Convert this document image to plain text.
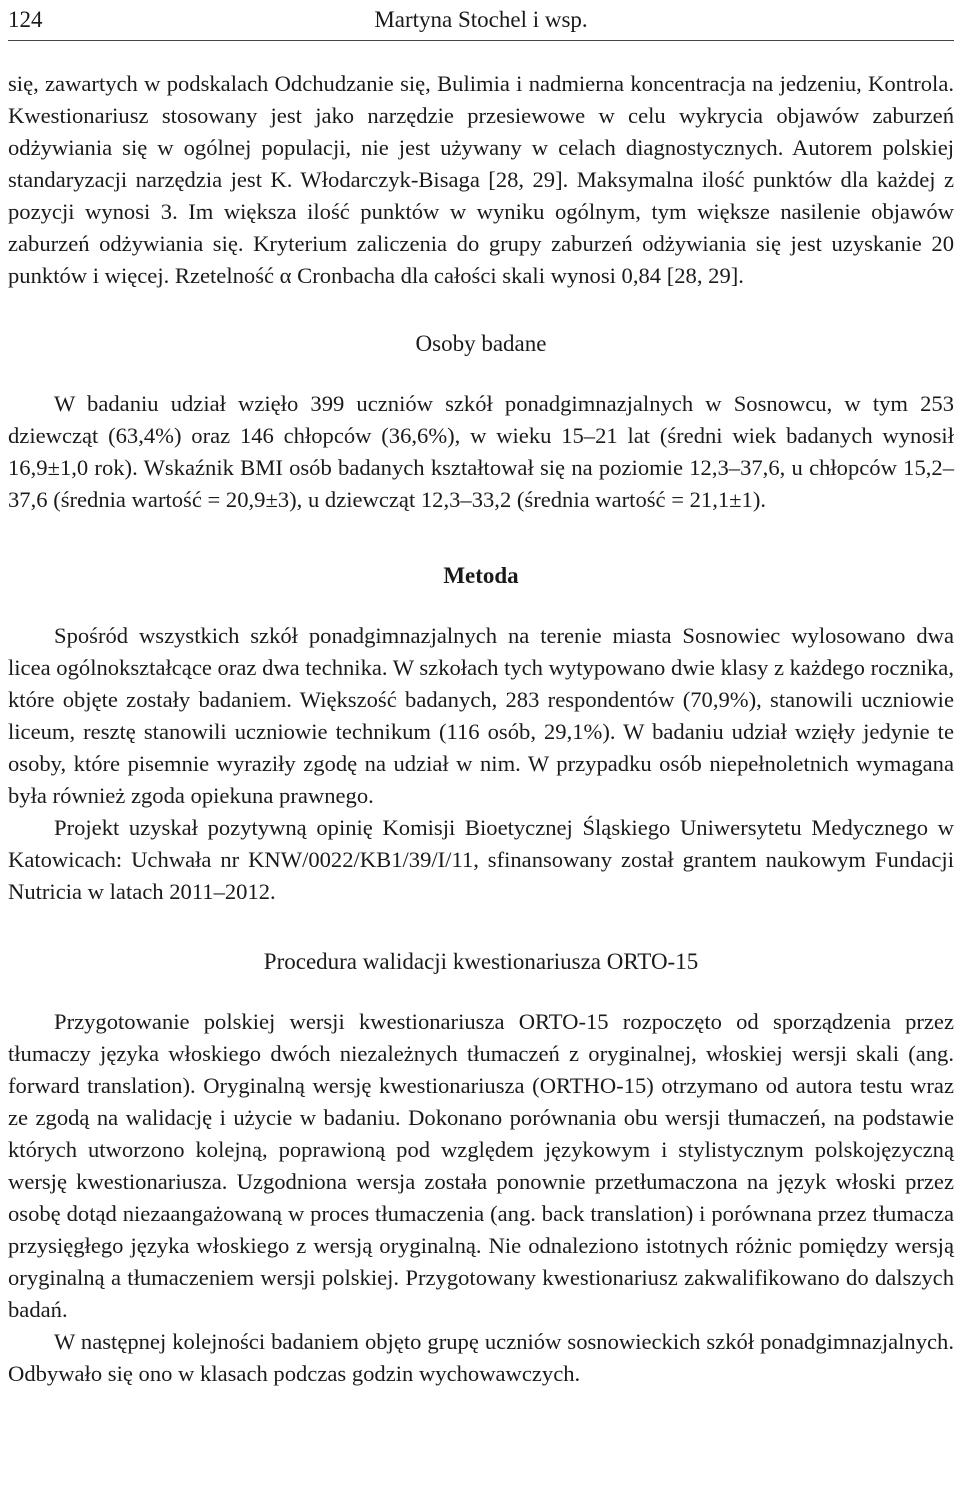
124	Martyna Stochel i wsp.

się, zawartych w podskalach Odchudzanie się, Bulimia i nadmierna koncentracja na jedzeniu, Kontrola. Kwestionariusz stosowany jest jako narzędzie przesiewowe w celu wykrycia objawów zaburzeń odżywiania się w ogólnej populacji, nie jest używany w celach diagnostycznych. Autorem polskiej standaryzacji narzędzia jest K. Włodarczyk-Bisaga [28, 29]. Maksymalna ilość punktów dla każdej z pozycji wynosi 3. Im większa ilość punktów w wyniku ogólnym, tym większe nasilenie objawów zaburzeń odżywiania się. Kryterium zaliczenia do grupy zaburzeń odżywiania się jest uzyskanie 20 punktów i więcej. Rzetelność α Cronbacha dla całości skali wynosi 0,84 [28, 29].

Osoby badane

W badaniu udział wzięło 399 uczniów szkół ponadgimnazjalnych w Sosnowcu, w tym 253 dziewcząt (63,4%) oraz 146 chłopców (36,6%), w wieku 15–21 lat (średni wiek badanych wynosił 16,9±1,0 rok). Wskaźnik BMI osób badanych kształtował się na poziomie 12,3–37,6, u chłopców 15,2–37,6 (średnia wartość = 20,9±3), u dziewcząt 12,3–33,2 (średnia wartość = 21,1±1).

Metoda

Spośród wszystkich szkół ponadgimnazjalnych na terenie miasta Sosnowiec wylosowano dwa licea ogólnokształcące oraz dwa technika. W szkołach tych wytypowano dwie klasy z każdego rocznika, które objęte zostały badaniem. Większość badanych, 283 respondentów (70,9%), stanowili uczniowie liceum, resztę stanowili uczniowie technikum (116 osób, 29,1%). W badaniu udział wzięły jedynie te osoby, które pisemnie wyraziły zgodę na udział w nim. W przypadku osób niepełnoletnich wymagana była również zgoda opiekuna prawnego.

Projekt uzyskał pozytywną opinię Komisji Bioetycznej Śląskiego Uniwersytetu Medycznego w Katowicach: Uchwała nr KNW/0022/KB1/39/I/11, sfinansowany został grantem naukowym Fundacji Nutricia w latach 2011–2012.

Procedura walidacji kwestionariusza ORTO-15

Przygotowanie polskiej wersji kwestionariusza ORTO-15 rozpoczęto od sporządzenia przez tłumaczy języka włoskiego dwóch niezależnych tłumaczeń z oryginalnej, włoskiej wersji skali (ang. forward translation). Oryginalną wersję kwestionariusza (ORTHO-15) otrzymano od autora testu wraz ze zgodą na walidację i użycie w badaniu. Dokonano porównania obu wersji tłumaczeń, na podstawie których utworzono kolejną, poprawioną pod względem językowym i stylistycznym polskojęzyczną wersję kwestionariusza. Uzgodniona wersja została ponownie przetłumaczona na język włoski przez osobę dotąd niezaangażowaną w proces tłumaczenia (ang. back translation) i porównana przez tłumacza przysięgłego języka włoskiego z wersją oryginalną. Nie odnaleziono istotnych różnic pomiędzy wersją oryginalną a tłumaczeniem wersji polskiej. Przygotowany kwestionariusz zakwalifikowano do dalszych badań.

W następnej kolejności badaniem objęto grupę uczniów sosnowieckich szkół ponadgimnazjalnych. Odbywało się ono w klasach podczas godzin wychowawczych.
